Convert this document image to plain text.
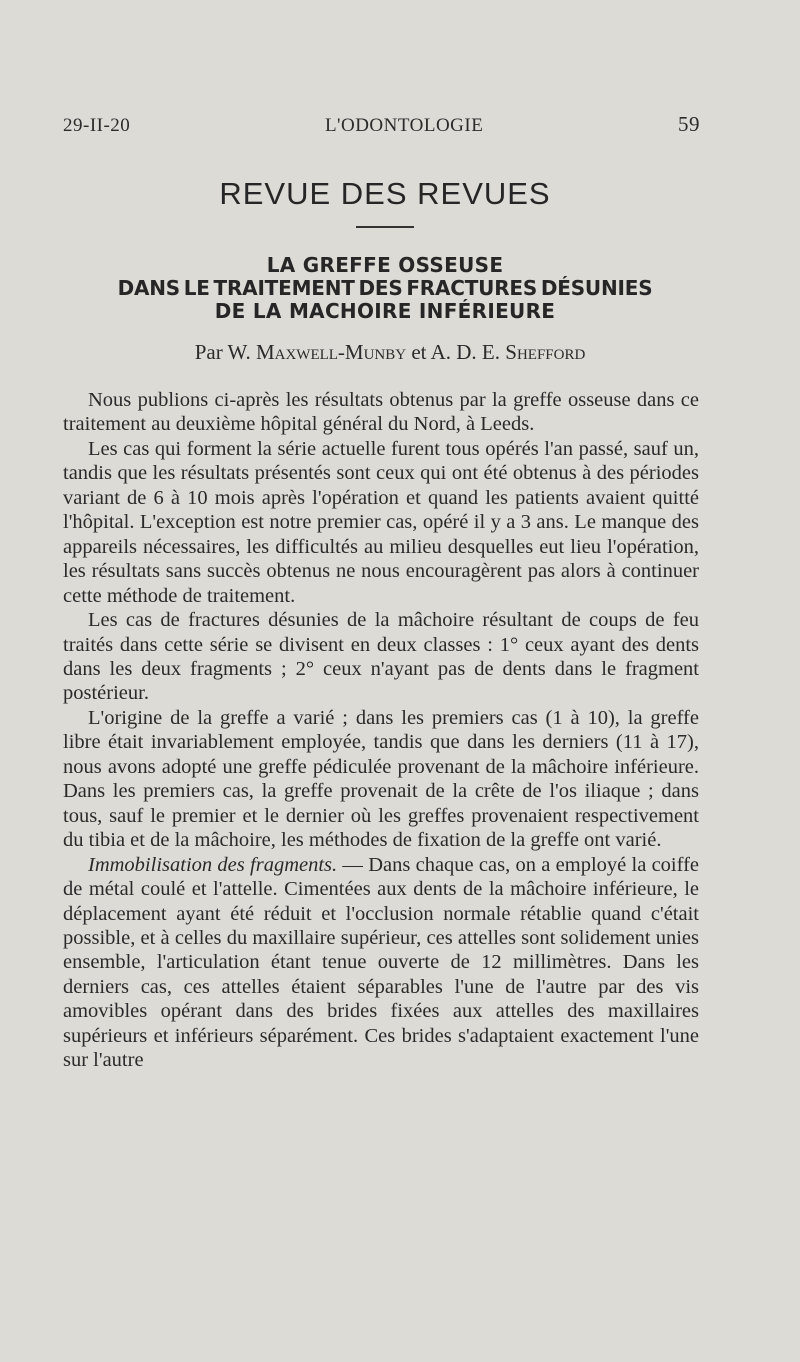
29-II-20	L'ODONTOLOGIE	59
REVUE DES REVUES
LA GREFFE OSSEUSE
DANS LE TRAITEMENT DES FRACTURES DÉSUNIES
DE LA MACHOIRE INFÉRIEURE
Par W. Maxwell-Munby et A. D. E. Shefford

Nous publions ci-après les résultats obtenus par la greffe osseuse dans ce traitement au deuxième hôpital général du Nord, à Leeds.

Les cas qui forment la série actuelle furent tous opérés l'an passé, sauf un, tandis que les résultats présentés sont ceux qui ont été obtenus à des périodes variant de 6 à 10 mois après l'opération et quand les patients avaient quitté l'hôpital. L'exception est notre premier cas, opéré il y a 3 ans. Le manque des appareils nécessaires, les difficultés au milieu desquelles eut lieu l'opération, les résultats sans succès obtenus ne nous encouragèrent pas alors à continuer cette méthode de traitement.

Les cas de fractures désunies de la mâchoire résultant de coups de feu traités dans cette série se divisent en deux classes : 1° ceux ayant des dents dans les deux fragments ; 2° ceux n'ayant pas de dents dans le fragment postérieur.

L'origine de la greffe a varié ; dans les premiers cas (1 à 10), la greffe libre était invariablement employée, tandis que dans les derniers (11 à 17), nous avons adopté une greffe pédiculée provenant de la mâchoire inférieure. Dans les premiers cas, la greffe provenait de la crête de l'os iliaque ; dans tous, sauf le premier et le dernier où les greffes provenaient respectivement du tibia et de la mâchoire, les méthodes de fixation de la greffe ont varié.

Immobilisation des fragments. — Dans chaque cas, on a employé la coiffe de métal coulé et l'attelle. Cimentées aux dents de la mâchoire inférieure, le déplacement ayant été réduit et l'occlusion normale rétablie quand c'était possible, et à celles du maxillaire supérieur, ces attelles sont solidement unies ensemble, l'articulation étant tenue ouverte de 12 millimètres. Dans les derniers cas, ces attelles étaient séparables l'une de l'autre par des vis amovibles opérant dans des brides fixées aux attelles des maxillaires supérieurs et inférieurs séparément. Ces brides s'adaptaient exactement l'une sur l'autre
